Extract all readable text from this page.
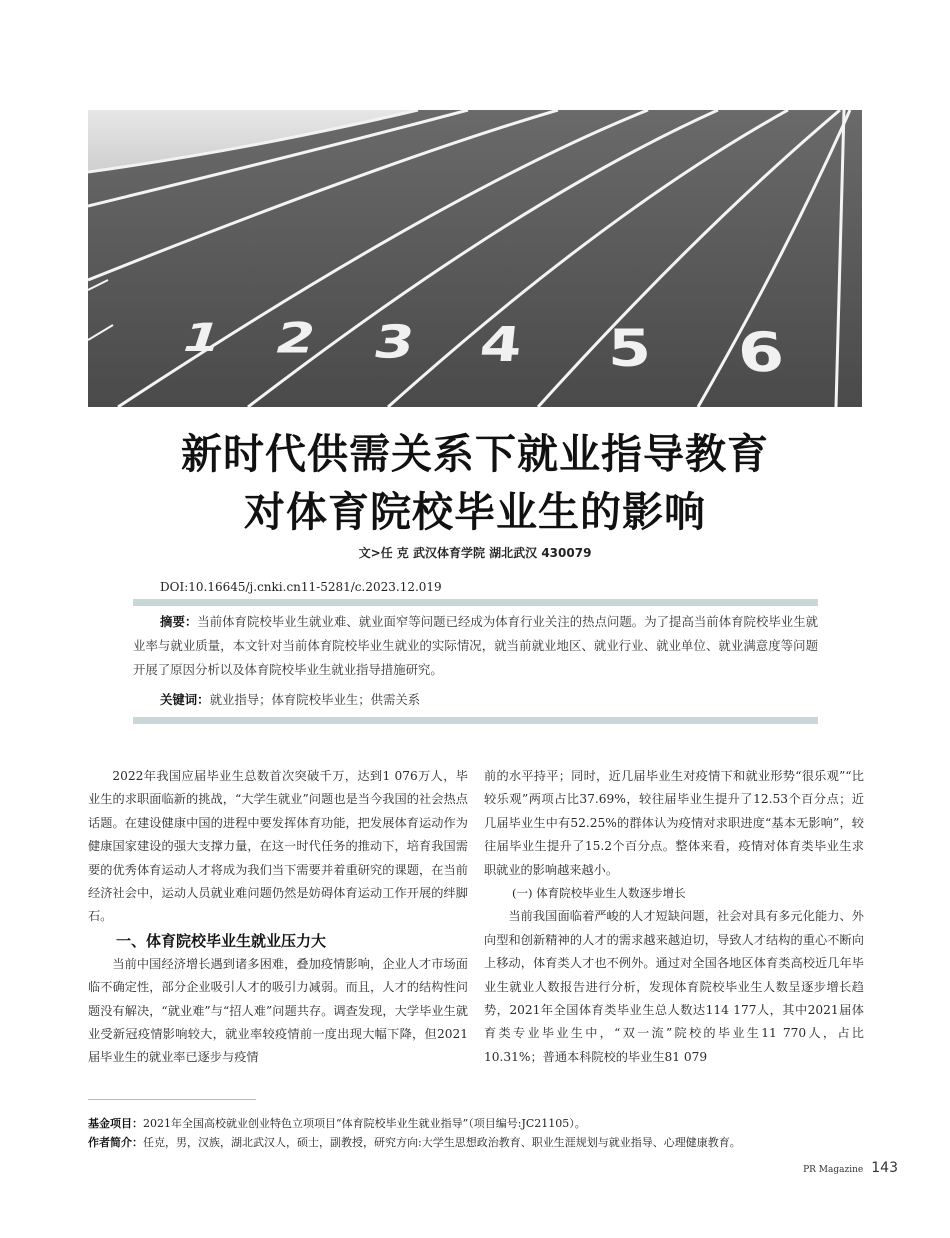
1 2 3 4 5 6
新时代供需关系下就业指导教育
对体育院校毕业生的影响
文>任 克 武汉体育学院 湖北武汉 430079
DOI:10.16645/j.cnki.cn11-5281/c.2023.12.019
摘要：当前体育院校毕业生就业难、就业面窄等问题已经成为体育行业关注的热点问题。为了提高当前体育院校毕业生就业率与就业质量，本文针对当前体育院校毕业生就业的实际情况，就当前就业地区、就业行业、就业单位、就业满意度等问题开展了原因分析以及体育院校毕业生就业指导措施研究。
关键词：就业指导；体育院校毕业生；供需关系

2022年我国应届毕业生总数首次突破千万，达到1 076万人，毕业生的求职面临新的挑战，“大学生就业”问题也是当今我国的社会热点话题。在建设健康中国的进程中要发挥体育功能，把发展体育运动作为健康国家建设的强大支撑力量，在这一时代任务的推动下，培育我国需要的优秀体育运动人才将成为我们当下需要并着重研究的课题，在当前经济社会中，运动人员就业难问题仍然是妨碍体育运动工作开展的绊脚石。

一、体育院校毕业生就业压力大

当前中国经济增长遇到诸多困难，叠加疫情影响，企业人才市场面临不确定性，部分企业吸引人才的吸引力减弱。而且，人才的结构性问题没有解决，“就业难”与“招人难”问题共存。调查发现，大学毕业生就业受新冠疫情影响较大，就业率较疫情前一度出现大幅下降，但2021届毕业生的就业率已逐步与疫情

前的水平持平；同时，近几届毕业生对疫情下和就业形势“很乐观”“比较乐观”两项占比37.69%，较往届毕业生提升了12.53个百分点；近几届毕业生中有52.25%的群体认为疫情对求职进度“基本无影响”，较往届毕业生提升了15.2个百分点。整体来看，疫情对体育类毕业生求职就业的影响越来越小。

(一) 体育院校毕业生人数逐步增长

当前我国面临着严峻的人才短缺问题，社会对具有多元化能力、外向型和创新精神的人才的需求越来越迫切，导致人才结构的重心不断向上移动，体育类人才也不例外。通过对全国各地区体育类高校近几年毕业生就业人数报告进行分析，发现体育院校毕业生人数呈逐步增长趋势，2021年全国体育类毕业生总人数达114 177人，其中2021届体育类专业毕业生中，“双一流”院校的毕业生11 770人，占比10.31%；普通本科院校的毕业生81 079

基金项目：2021年全国高校就业创业特色立项项目“体育院校毕业生就业指导”（项目编号:JC21105）。
作者简介：任克，男，汉族，湖北武汉人，硕士，副教授，研究方向:大学生思想政治教育、职业生涯规划与就业指导、心理健康教育。
PR Magazine 143
